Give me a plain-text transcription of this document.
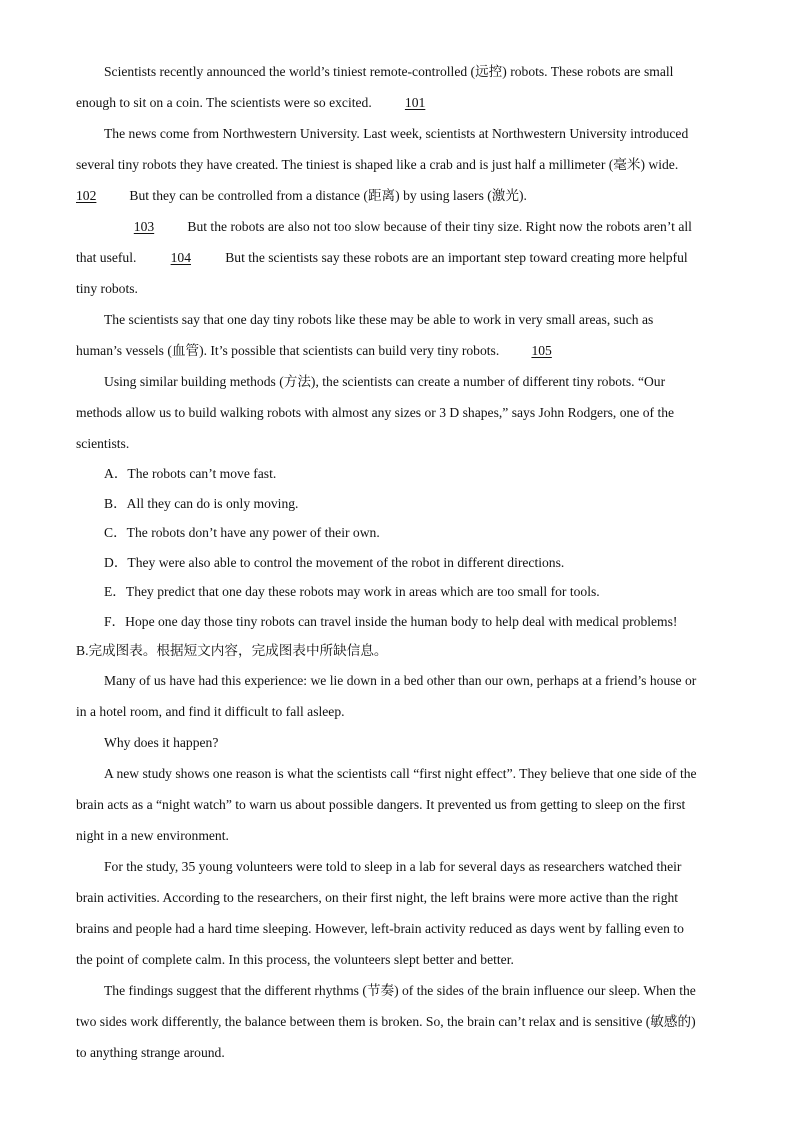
Scientists recently announced the world’s tiniest remote-controlled (远控) robots. These robots are small

enough to sit on a coin. The scientists were so excited. 101

The news come from Northwestern University. Last week, scientists at Northwestern University introduced

several tiny robots they have created. The tiniest is shaped like a crab and is just half a millimeter (毫米) wide.

102 But they can be controlled from a distance (距离) by using lasers (激光).

103 But the robots are also not too slow because of their tiny size. Right now the robots aren’t all

that useful. 104 But the scientists say these robots are an important step toward creating more helpful

tiny robots.

The scientists say that one day tiny robots like these may be able to work in very small areas, such as

human’s vessels (血管). It’s possible that scientists can build very tiny robots. 105

Using similar building methods (方法), the scientists can create a number of different tiny robots. “Our

methods allow us to build walking robots with almost any sizes or 3 D shapes,” says John Rodgers, one of the

scientists.

A．The robots can’t move fast.

B．All they can do is only moving.

C．The robots don’t have any power of their own.

D．They were also able to control the movement of the robot in different directions.

E．They predict that one day these robots may work in areas which are too small for tools.

F．Hope one day those tiny robots can travel inside the human body to help deal with medical problems!

B.完成图表。根据短文内容，完成图表中所缺信息。

Many of us have had this experience: we lie down in a bed other than our own, perhaps at a friend’s house or

in a hotel room, and find it difficult to fall asleep.

Why does it happen?

A new study shows one reason is what the scientists call “first night effect”. They believe that one side of the

brain acts as a “night watch” to warn us about possible dangers. It prevented us from getting to sleep on the first

night in a new environment.

For the study, 35 young volunteers were told to sleep in a lab for several days as researchers watched their

brain activities. According to the researchers, on their first night, the left brains were more active than the right

brains and people had a hard time sleeping. However, left-brain activity reduced as days went by falling even to

the point of complete calm. In this process, the volunteers slept better and better.

The findings suggest that the different rhythms (节奏) of the sides of the brain influence our sleep. When the

two sides work differently, the balance between them is broken. So, the brain can’t relax and is sensitive (敏感的)

to anything strange around.
